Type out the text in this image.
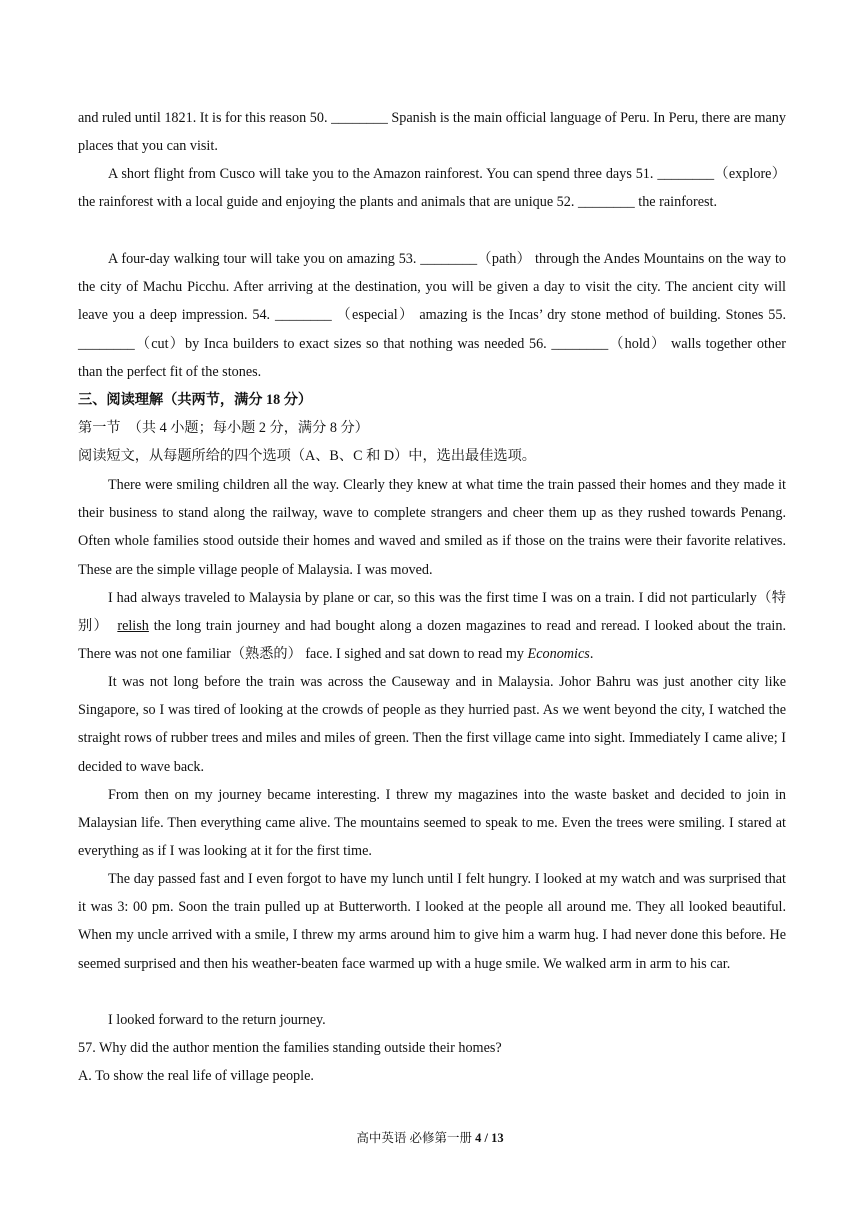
and ruled until 1821. It is for this reason 50. ________ Spanish is the main official language of Peru. In Peru, there are many places that you can visit.

A short flight from Cusco will take you to the Amazon rainforest. You can spend three days 51. ________（explore） the rainforest with a local guide and enjoying the plants and animals that are unique 52. ________ the rainforest.

A four-day walking tour will take you on amazing 53. ________（path） through the Andes Mountains on the way to the city of Machu Picchu. After arriving at the destination, you will be given a day to visit the city. The ancient city will leave you a deep impression. 54. ________ （especial） amazing is the Incas’ dry stone method of building. Stones 55. ________（cut）by Inca builders to exact sizes so that nothing was needed 56. ________（hold） walls together other than the perfect fit of the stones.

三、阅读理解（共两节，满分 18 分）

第一节　（共 4 小题；每小题 2 分，满分 8 分）

阅读短文，从每题所给的四个选项（A、B、C 和 D）中，选出最佳选项。

There were smiling children all the way. Clearly they knew at what time the train passed their homes and they made it their business to stand along the railway, wave to complete strangers and cheer them up as they rushed towards Penang. Often whole families stood outside their homes and waved and smiled as if those on the trains were their favorite relatives. These are the simple village people of Malaysia. I was moved.

I had always traveled to Malaysia by plane or car, so this was the first time I was on a train. I did not particularly（特别）　 relish the long train journey and had bought along a dozen magazines to read and reread. I looked about the train. There was not one familiar（熟悉的） face. I sighed and sat down to read my Economics.

It was not long before the train was across the Causeway and in Malaysia. Johor Bahru was just another city like Singapore, so I was tired of looking at the crowds of people as they hurried past. As we went beyond the city, I watched the straight rows of rubber trees and miles and miles of green. Then the first village came into sight. Immediately I came alive; I decided to wave back.

From then on my journey became interesting. I threw my magazines into the waste basket and decided to join in Malaysian life. Then everything came alive. The mountains seemed to speak to me. Even the trees were smiling. I stared at everything as if I was looking at it for the first time.

The day passed fast and I even forgot to have my lunch until I felt hungry. I looked at my watch and was surprised that it was 3: 00 pm. Soon the train pulled up at Butterworth. I looked at the people all around me. They all looked beautiful. When my uncle arrived with a smile, I threw my arms around him to give him a warm hug. I had never done this before. He seemed surprised and then his weather-beaten face warmed up with a huge smile. We walked arm in arm to his car.

I looked forward to the return journey.

57. Why did the author mention the families standing outside their homes?

A. To show the real life of village people.

高中英语 必修第一册 4 / 13
